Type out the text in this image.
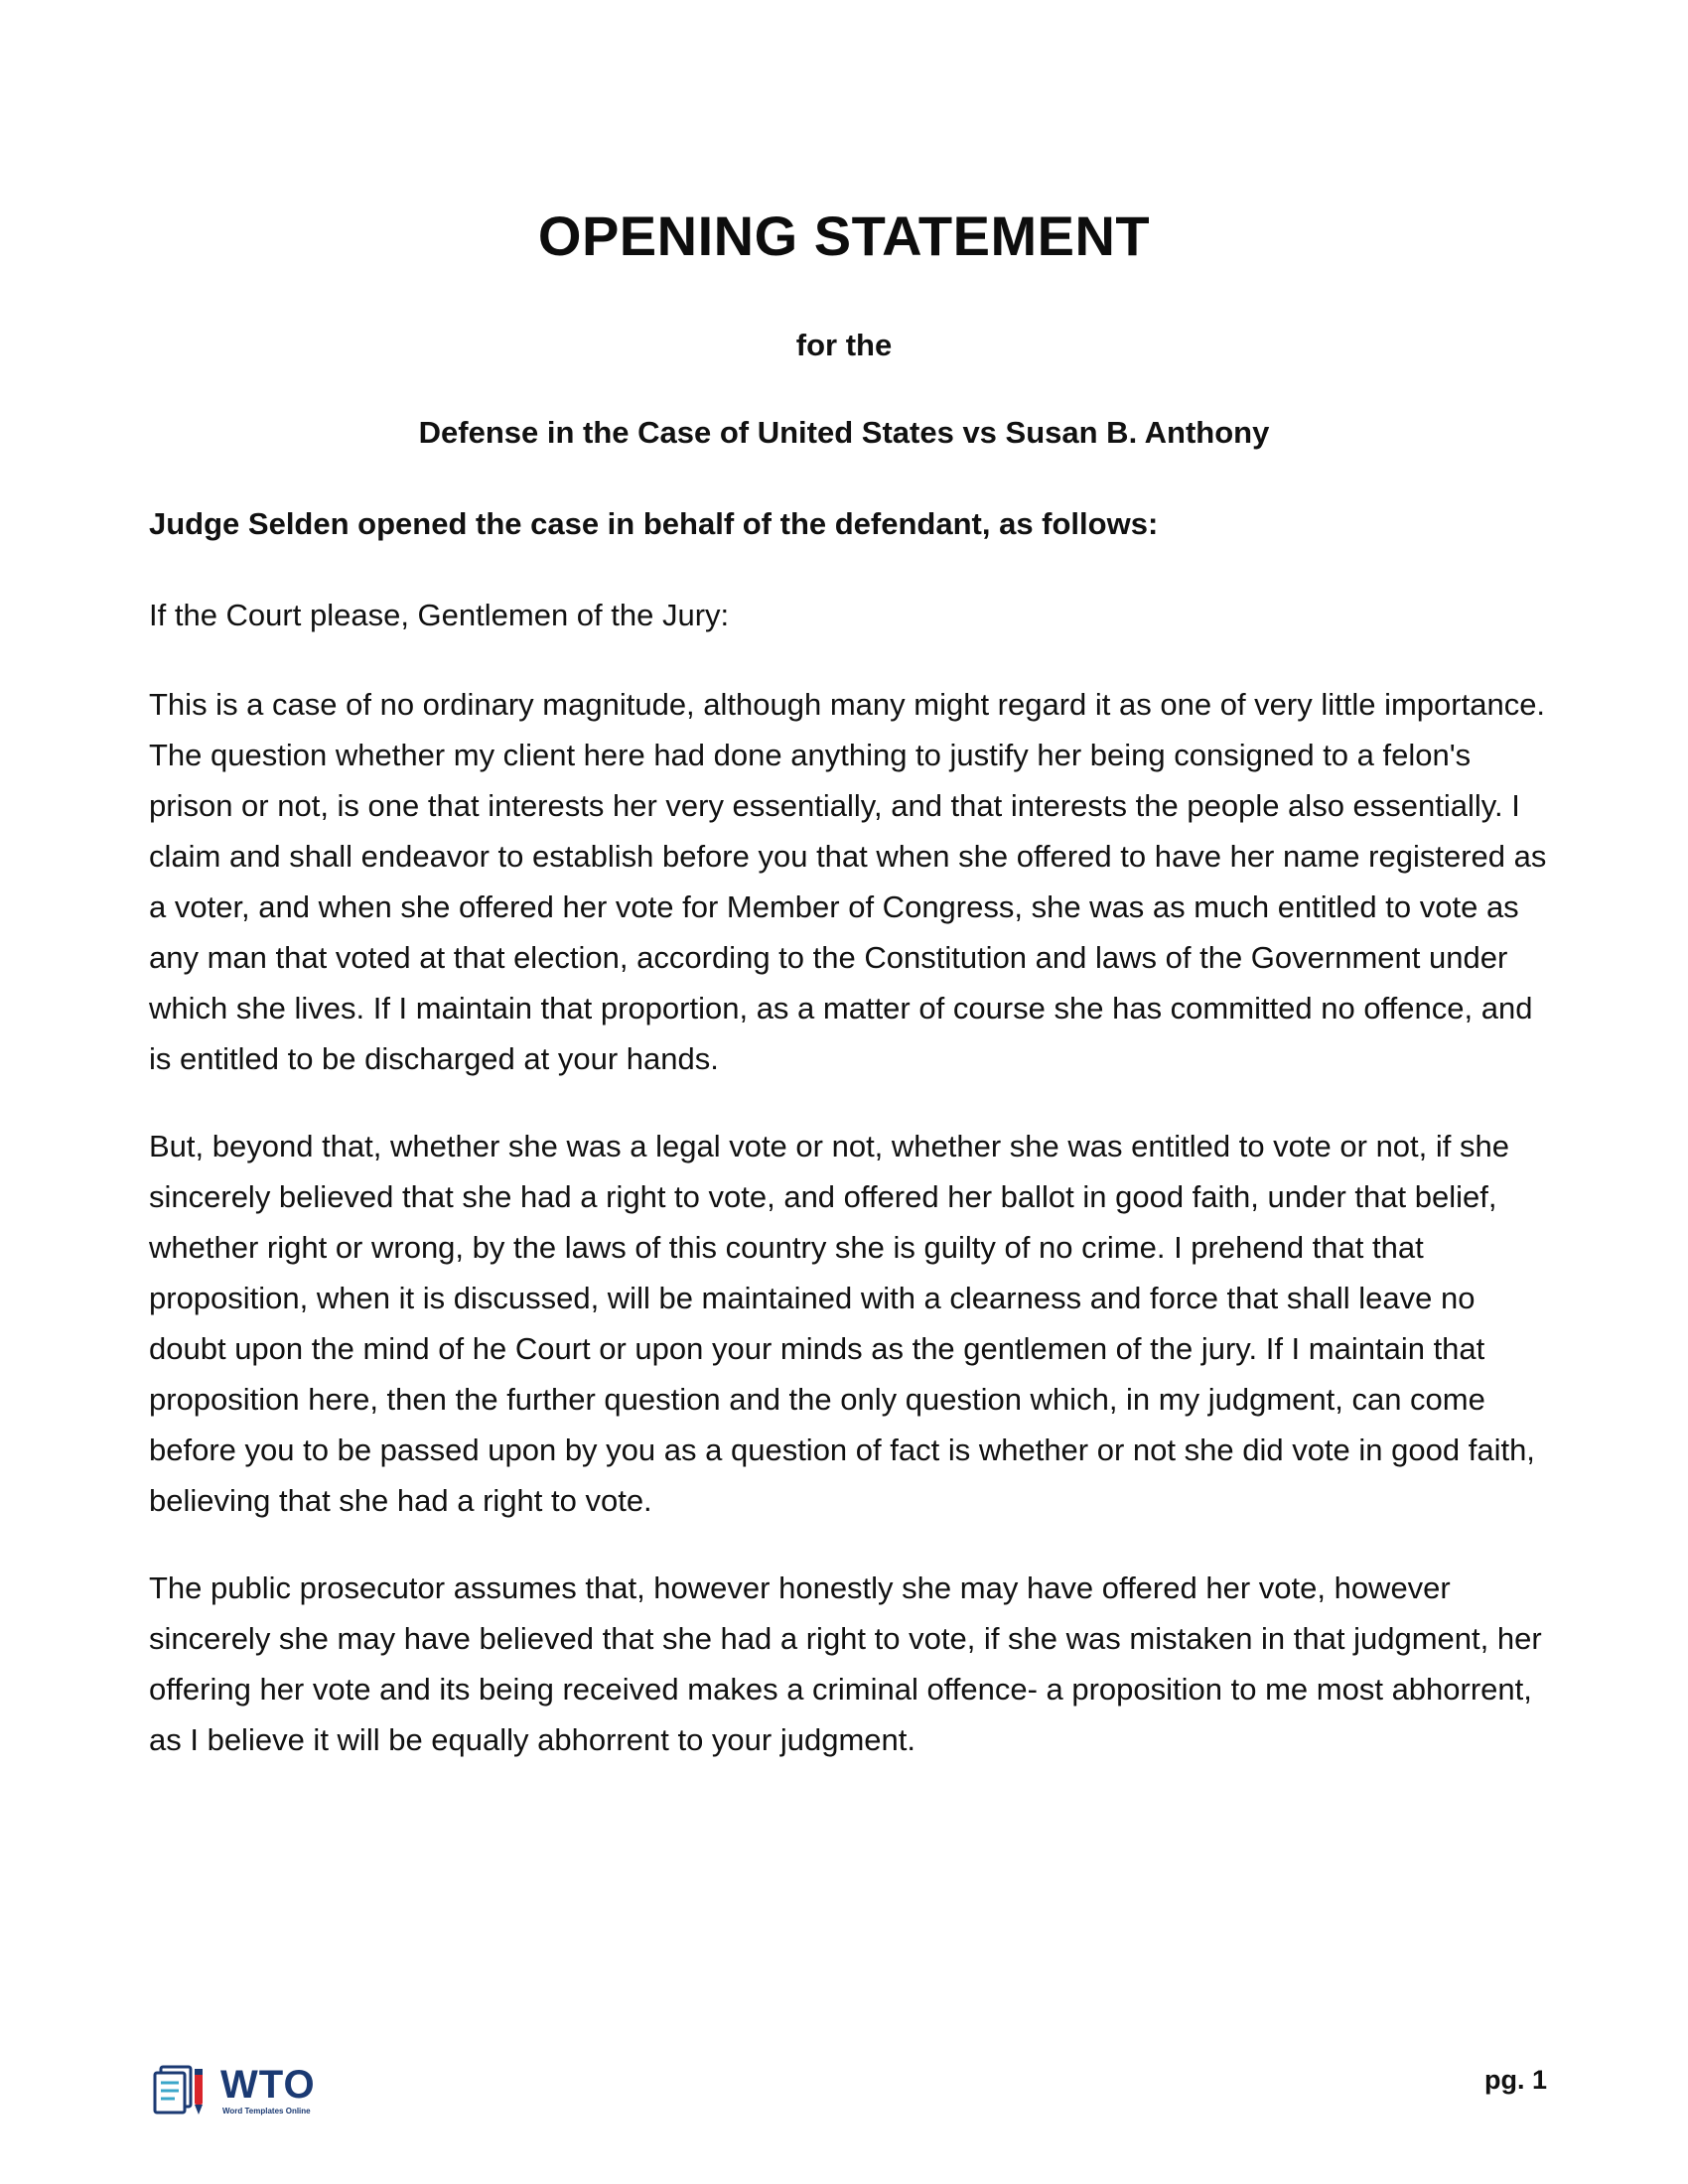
OPENING STATEMENT
for the
Defense in the Case of United States vs Susan B. Anthony

Judge Selden opened the case in behalf of the defendant, as follows:

If the Court please, Gentlemen of the Jury:

This is a case of no ordinary magnitude, although many might regard it as one of very little importance. The question whether my client here had done anything to justify her being consigned to a felon's prison or not, is one that interests her very essentially, and that interests the people also essentially. I claim and shall endeavor to establish before you that when she offered to have her name registered as a voter, and when she offered her vote for Member of Congress, she was as much entitled to vote as any man that voted at that election, according to the Constitution and laws of the Government under which she lives. If I maintain that proportion, as a matter of course she has committed no offence, and is entitled to be discharged at your hands.

But, beyond that, whether she was a legal vote or not, whether she was entitled to vote or not, if she sincerely believed that she had a right to vote, and offered her ballot in good faith, under that belief, whether right or wrong, by the laws of this country she is guilty of no crime. I prehend that that proposition, when it is discussed, will be maintained with a clearness and force that shall leave no doubt upon the mind of he Court or upon your minds as the gentlemen of the jury. If I maintain that proposition here, then the further question and the only question which, in my judgment, can come before you to be passed upon by you as a question of fact is whether or not she did vote in good faith, believing that she had a right to vote.

The public prosecutor assumes that, however honestly she may have offered her vote, however sincerely she may have believed that she had a right to vote, if she was mistaken in that judgment, her offering her vote and its being received makes a criminal offence- a proposition to me most abhorrent, as I believe it will be equally abhorrent to your judgment.

WTO
Word Templates Online
pg. 1
